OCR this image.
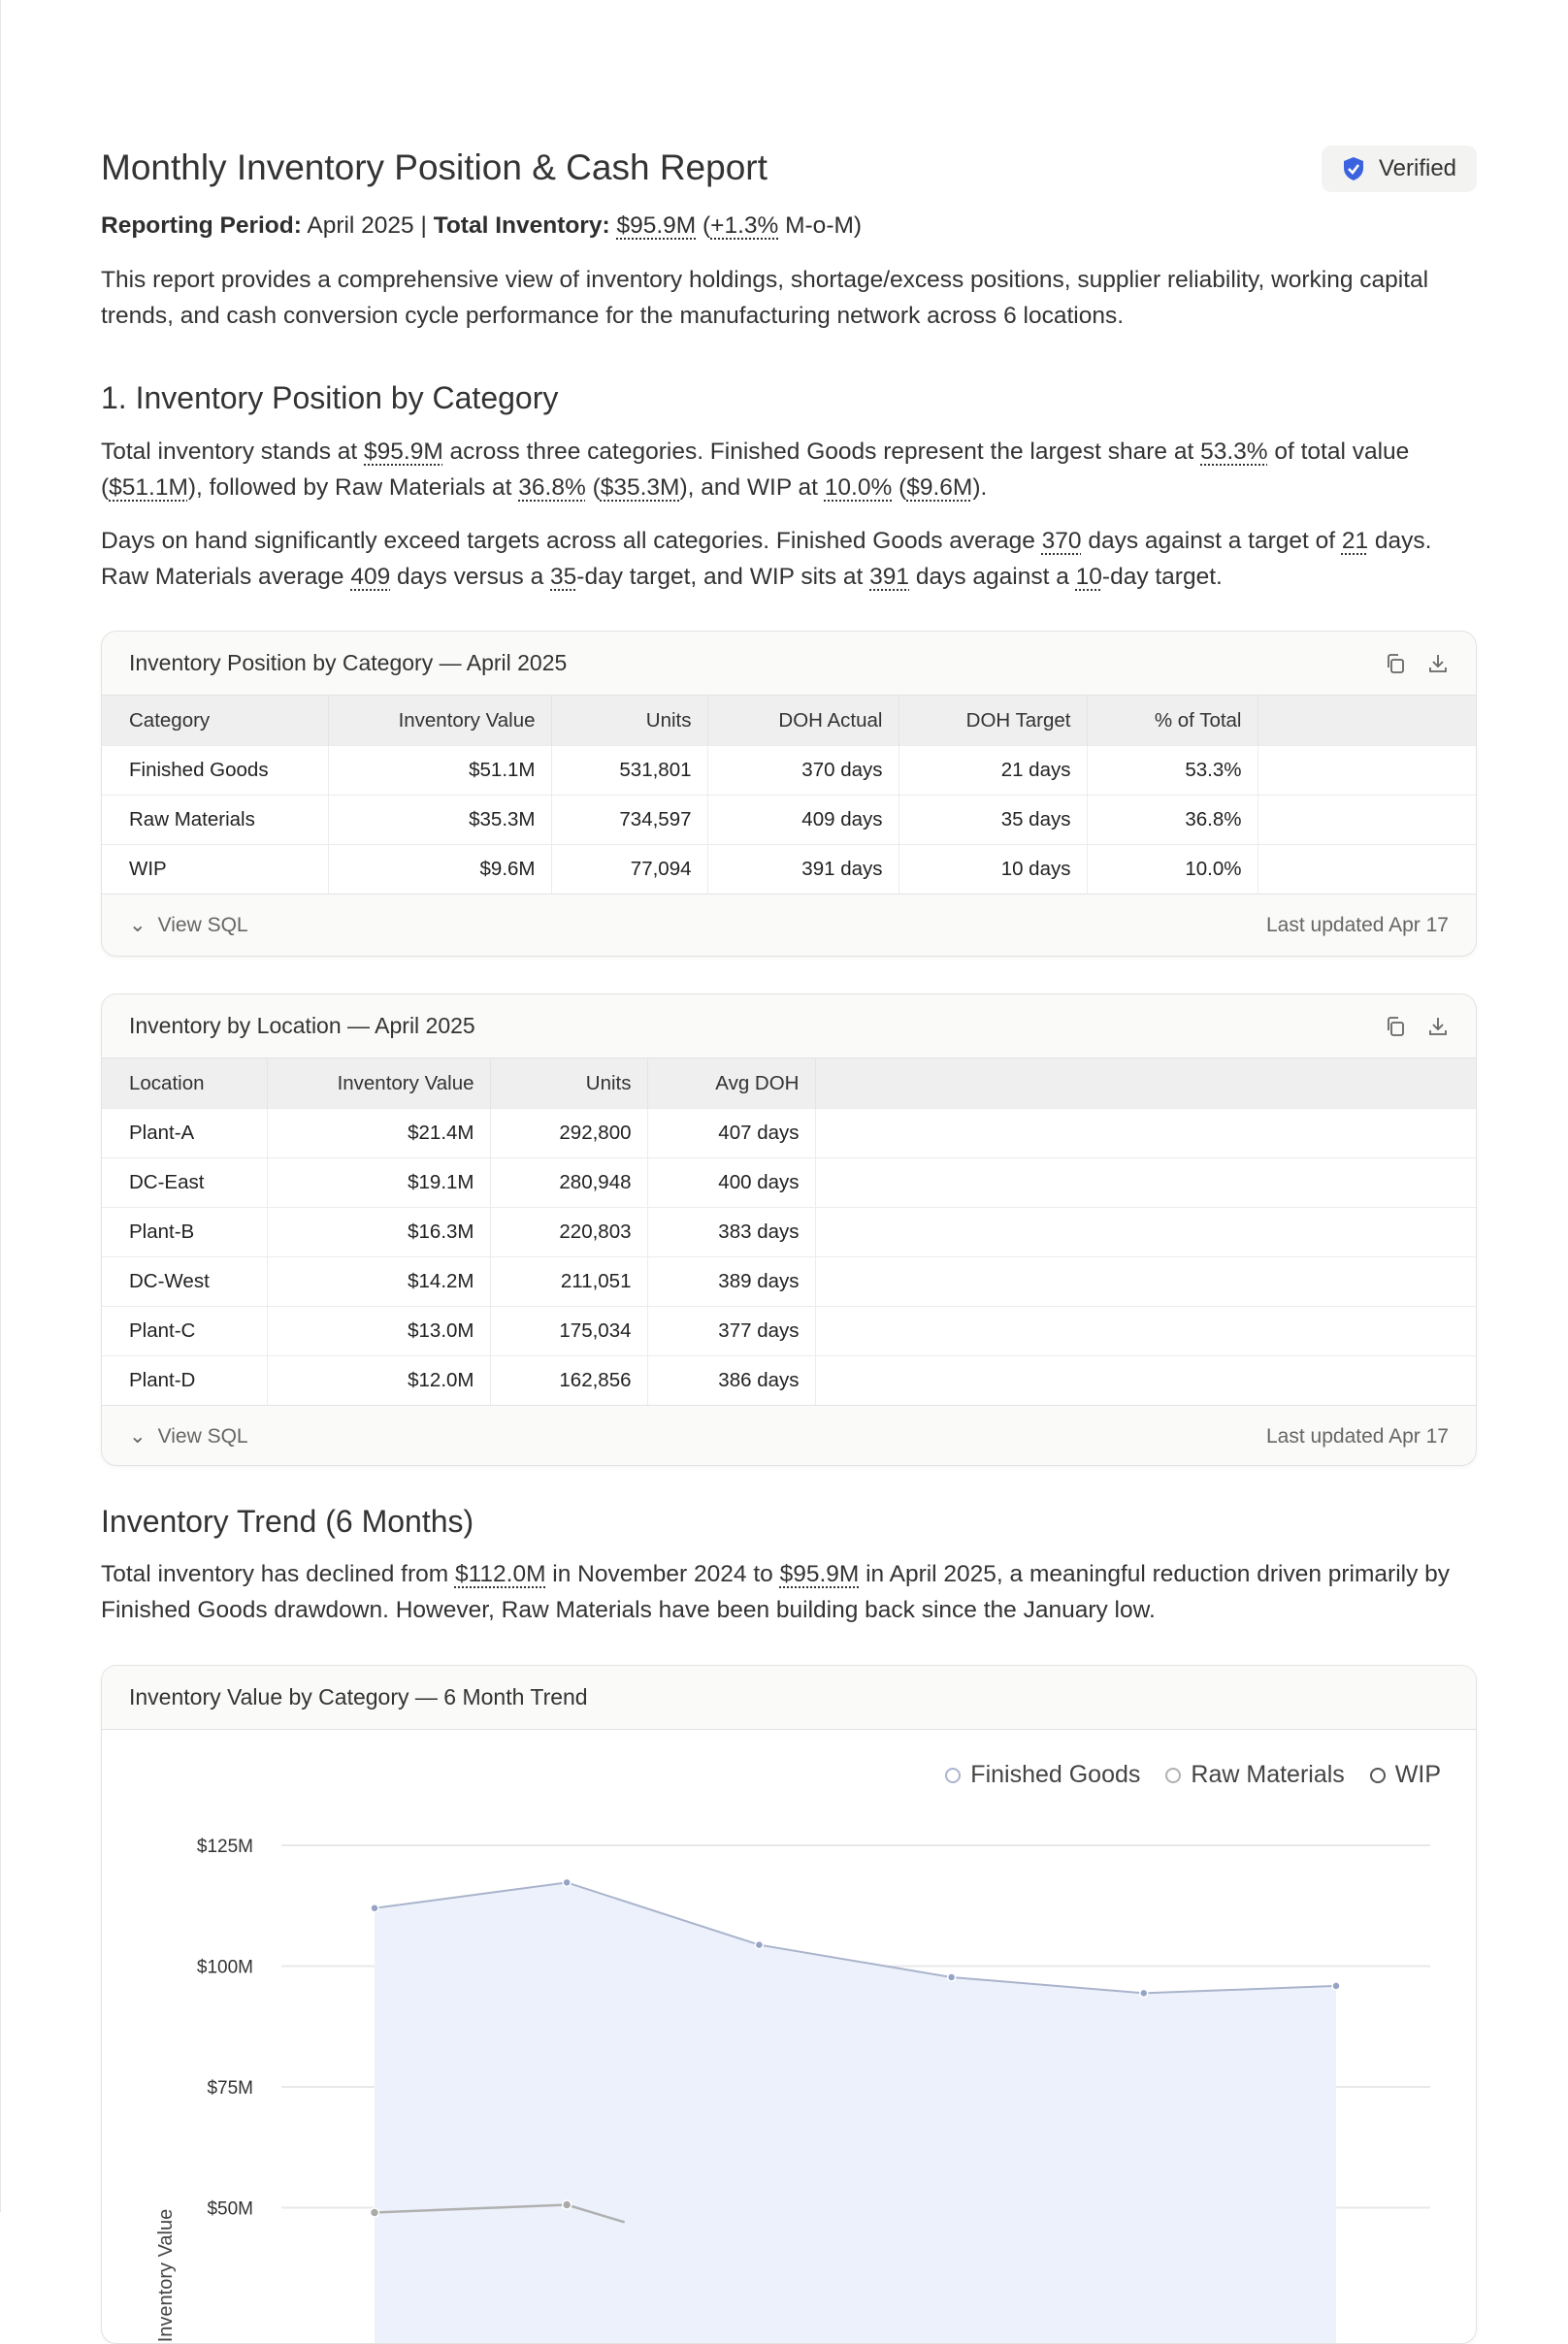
Monthly Inventory Position & Cash Report	Verified
Reporting Period: April 2025 | Total Inventory: $95.9M (+1.3% M-o-M)
This report provides a comprehensive view of inventory holdings, shortage/excess positions, supplier reliability, working capital trends, and cash conversion cycle performance for the manufacturing network across 6 locations.
1. Inventory Position by Category
Total inventory stands at $95.9M across three categories. Finished Goods represent the largest share at 53.3% of total value ($51.1M), followed by Raw Materials at 36.8% ($35.3M), and WIP at 10.0% ($9.6M).
Days on hand significantly exceed targets across all categories. Finished Goods average 370 days against a target of 21 days. Raw Materials average 409 days versus a 35-day target, and WIP sits at 391 days against a 10-day target.
Inventory Position by Category — April 2025
Category	Inventory Value	Units	DOH Actual	DOH Target	% of Total	
Finished Goods	$51.1M	531,801	370 days	21 days	53.3%	
Raw Materials	$35.3M	734,597	409 days	35 days	36.8%	
WIP	$9.6M	77,094	391 days	10 days	10.0%	
⌄ View SQL	Last updated Apr 17
Inventory by Location — April 2025
Location	Inventory Value	Units	Avg DOH	
Plant-A	$21.4M	292,800	407 days	
DC-East	$19.1M	280,948	400 days	
Plant-B	$16.3M	220,803	383 days	
DC-West	$14.2M	211,051	389 days	
Plant-C	$13.0M	175,034	377 days	
Plant-D	$12.0M	162,856	386 days	
⌄ View SQL	Last updated Apr 17
Inventory Trend (6 Months)
Total inventory has declined from $112.0M in November 2024 to $95.9M in April 2025, a meaningful reduction driven primarily by Finished Goods drawdown. However, Raw Materials have been building back since the January low.
Inventory Value by Category — 6 Month Trend
Finished Goods Raw Materials WIP
$50M
$75M
$100M
$125M
Inventory Value
